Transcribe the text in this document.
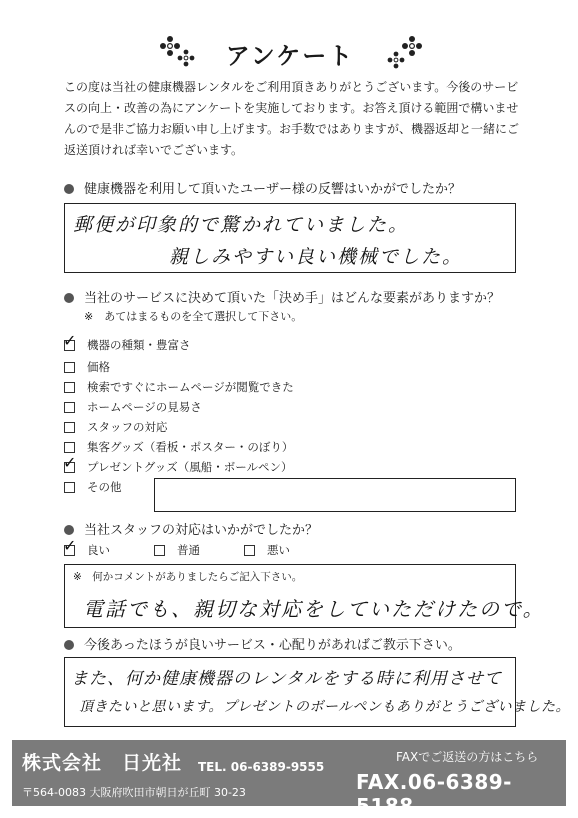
アンケート
この度は当社の健康機器レンタルをご利用頂きありがとうございます。今後のサービスの向上・改善の為にアンケートを実施しております。お答え頂ける範囲で構いませんので是非ご協力お願い申し上げます。お手数ではありますが、機器返却と一緒にご返送頂ければ幸いでございます。
健康機器を利用して頂いたユーザー様の反響はいかがでしたか？
郵便が印象的で驚かれていました。
親しみやすい良い機械でした。
当社のサービスに決めて頂いた「決め手」はどんな要素がありますか？
※　あてはまるものを全て選択して下さい。
✓ 機器の種類・豊富さ
価格
検索ですぐにホームページが閲覧できた
ホームページの見易さ
スタッフの対応
集客グッズ（看板・ポスター・のぼり）
✓ プレゼントグッズ（風船・ボールペン）
その他
当社スタッフの対応はいかがでしたか？
✓ 良い	普通	悪い
※　何かコメントがありましたらご記入下さい。
電話でも、親切な対応をしていただけたので。
今後あったほうが良いサービス・心配りがあればご教示下さい。
また、何か健康機器のレンタルをする時に利用させて
頂きたいと思います。プレゼントのボールペンもありがとうございました。
株式会社　日光社 TEL. 06-6389-9555
〒564-0083 大阪府吹田市朝日が丘町 30-23
FAXでご返送の方はこちら
FAX.06-6389-5188
